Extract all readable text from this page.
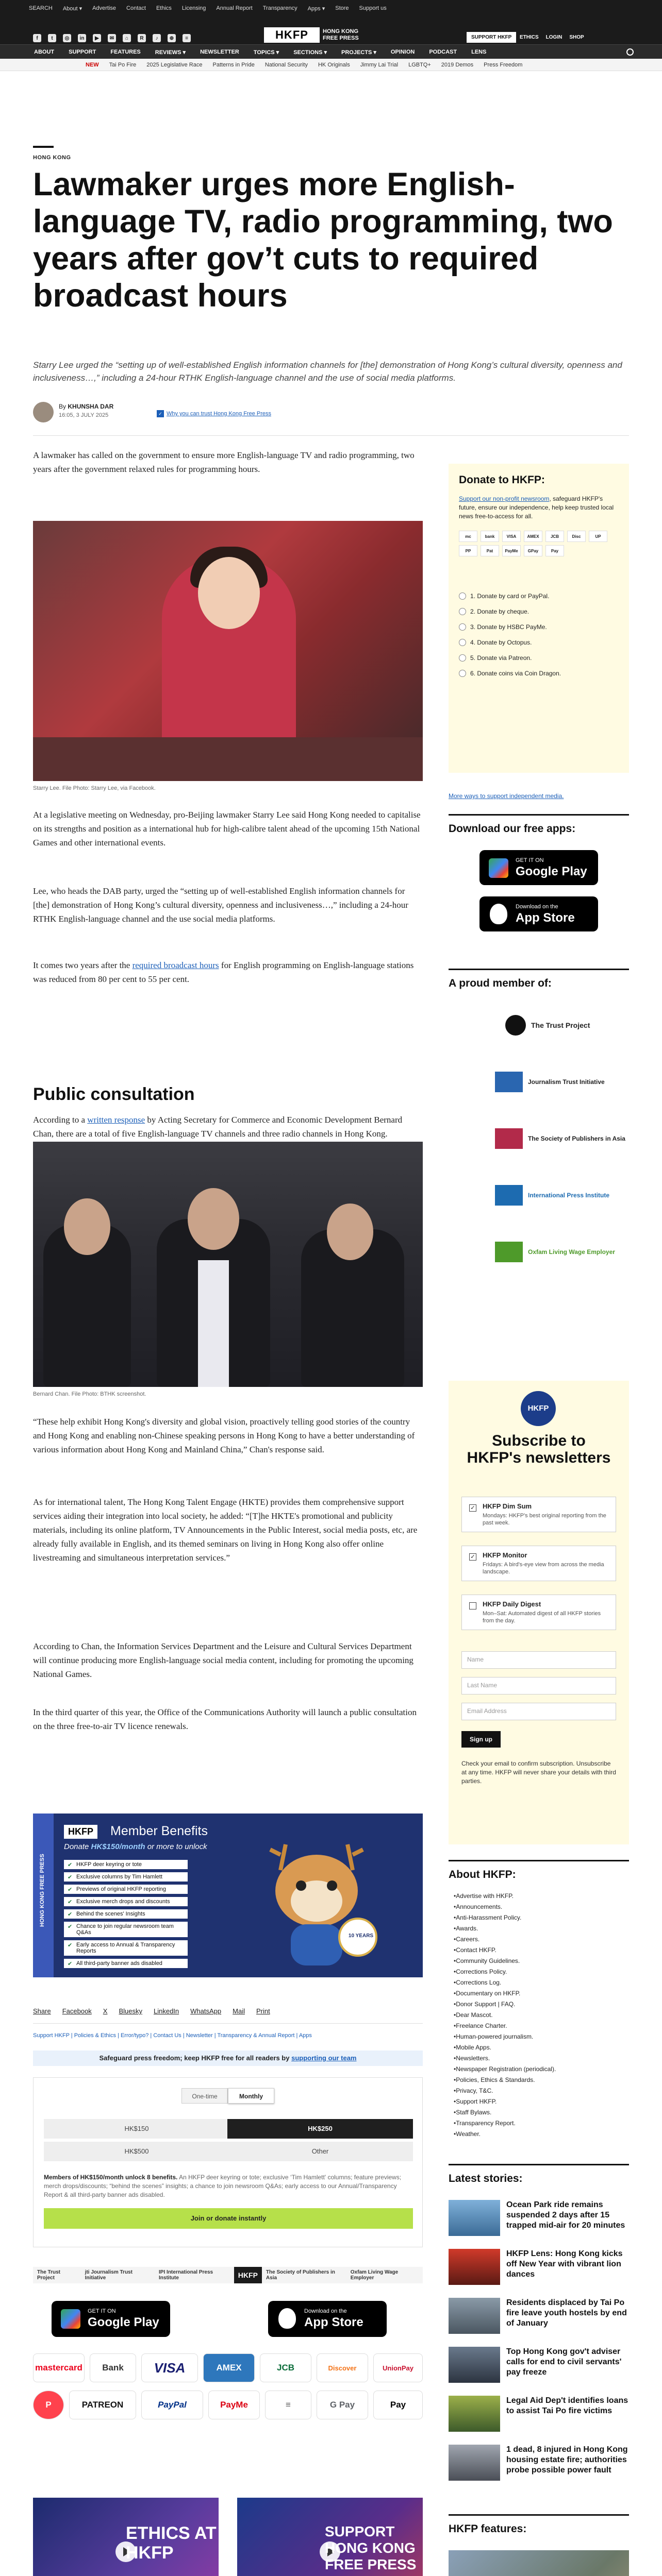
SEARCH About ▾ Advertise Contact Ethics Licensing Annual Report Transparency Apps ▾ Store Support us
f	t	◎	in	▶	✉	⌂	R	♪	⊕	≡	HKFP	HONG KONG FREE PRESS	SUPPORT HKFP	ETHICS LOGIN SHOP
ABOUT	SUPPORT	FEATURES	REVIEWS ▾	NEWSLETTER	TOPICS ▾	SECTIONS ▾	PROJECTS ▾	OPINION	PODCAST	LENS
NEW Tai Po Fire 2025 Legislative Race Patterns in Pride National Security HK Originals Jimmy Lai Trial LGBTQ+ 2019 Demos Press Freedom
HONG KONG
Lawmaker urges more English-language TV, radio programming, two years after gov’t cuts to required broadcast hours

Starry Lee urged the “setting up of well-established English information channels for [the] demonstration of Hong Kong’s cultural diversity, openness and inclusiveness…,” including a 24-hour RTHK English-language channel and the use of social media platforms.

By KHUNSHA DAR
16:05, 3 JULY 2025	✓ Why you can trust Hong Kong Free Press

A lawmaker has called on the government to ensure more English-language TV and radio programming, two years after the government relaxed rules for programming hours.

Starry Lee. File Photo: Starry Lee, via Facebook.

At a legislative meeting on Wednesday, pro-Beijing lawmaker Starry Lee said Hong Kong needed to capitalise on its strengths and position as a international hub for high-calibre talent ahead of the upcoming 15th National Games and other international events.

Lee, who heads the DAB party, urged the “setting up of well-established English information channels for [the] demonstration of Hong Kong’s cultural diversity, openness and inclusiveness…,” including a 24-hour RTHK English-language channel and the use social media platforms.

It comes two years after the required broadcast hours for English programming on English-language stations was reduced from 80 per cent to 55 per cent.

Public consultation

According to a written response by Acting Secretary for Commerce and Economic Development Bernard Chan, there are a total of five English-language TV channels and three radio channels in Hong Kong.

Bernard Chan. File Photo: BTHK screenshot.

“These help exhibit Hong Kong's diversity and global vision, proactively telling good stories of the country and Hong Kong and enabling non-Chinese speaking persons in Hong Kong to have a better understanding of various information about Hong Kong and Mainland China,” Chan's response said.

As for international talent, The Hong Kong Talent Engage (HKTE) provides them comprehensive support services aiding their integration into local society, he added: “[T]he HKTE's promotional and publicity materials, including its online platform, TV Announcements in the Public Interest, social media posts, etc, are already fully available in English, and its themed seminars on living in Hong Kong also offer online livestreaming and simultaneous interpretation services.”

According to Chan, the Information Services Department and the Leisure and Cultural Services Department will continue producing more English-language social media content, including for promoting the upcoming National Games.

In the third quarter of this year, the Office of the Communications Authority will launch a public consultation on the three free-to-air TV licence renewals.

HONG KONG FREE PRESS
HKFP	Member Benefits
Donate HK$150/month or more to unlock
✔ HKFP deer keyring or tote
✔ Exclusive columns by Tim Hamlett
✔ Previews of original HKFP reporting
✔ Exclusive merch drops and discounts
✔ Behind the scenes' Insights
✔ Chance to join regular newsroom team Q&As
✔ Early access to Annual & Transparency Reports
✔ All third-party banner ads disabled
10 YEARS
Share Facebook X Bluesky LinkedIn WhatsApp Mail Print
Support HKFP | Policies & Ethics | Error/typo? | Contact Us | Newsletter | Transparency & Annual Report | Apps
Safeguard press freedom; keep HKFP free for all readers by supporting our team
One-time	Monthly
HK$150	HK$250
HK$500	Other
Members of HK$150/month unlock 8 benefits. An HKFP deer keyring or tote; exclusive ‘Tim Hamlett' columns; feature previews; merch drops/discounts; “behind the scenes” insights; a chance to join newsroom Q&As; early access to our Annual/Transparency Report & all third-party banner ads disabled.
Join or donate instantly
The Trust Project
jti Journalism Trust Initiative
IPI International Press Institute	HKFP	The Society of Publishers in Asia
Oxfam Living Wage Employer
GET IT ON
Google Play
Download on the
App Store
mastercard	Bank	VISA	AMEX	JCB	Discover	UnionPay
P	PATREON	PayPal	PayMe	≡	G Pay	Pay
ETHICS AT HKFP
SUPPORT HONG KONG FREE PRESS
Donate to HKFP:
Support our non-profit newsroom, safeguard HKFP's future, ensure our independence, help keep trusted local news free-to-access for all.
mc	bank	VISA	AMEX	JCB	Disc	UPPP	Pat	PayMe GPay	Pay
1. Donate by card or PayPal.
2. Donate by cheque.
3. Donate by HSBC PayMe.
4. Donate by Octopus.
5. Donate via Patreon.
6. Donate coins via Coin Dragon.
More ways to support independent media.
Download our free apps:
GET IT ON
Google Play
Download on the
App Store
A proud member of:
The Trust Project
Journalism Trust Initiative
The Society of Publishers in Asia
International Press Institute
Oxfam Living Wage Employer
HKFP
Subscribe to HKFP's newsletters
✓ HKFP Dim Sum
Mondays: HKFP's best original reporting from the past week.
✓ HKFP Monitor
Fridays: A bird's-eye view from across the media landscape.
HKFP Daily Digest
Mon–Sat: Automated digest of all HKFP stories from the day.
Name
Last Name
Email Address
Sign up
Check your email to confirm subscription. Unsubscribe at any time. HKFP will never share your details with third parties.
About HKFP:
• Advertise with HKFP.
• Announcements.
• Anti-Harassment Policy.
• Awards.
• Careers.
• Contact HKFP.
• Community Guidelines.
• Corrections Policy.
• Corrections Log.
• Documentary on HKFP.
• Donor Support | FAQ.
• Dear Mascot.
• Freelance Charter.
• Human-powered journalism.
• Mobile Apps.
• Newsletters.
• Newspaper Registration (periodical).
• Policies, Ethics & Standards.
• Privacy, T&C.
• Support HKFP.
• Staff Bylaws.
• Transparency Report.
• Weather.
Latest stories:
Ocean Park ride remains suspended 2 days after 15 trapped mid-air for 20 minutes
HKFP Lens: Hong Kong kicks off New Year with vibrant lion dances
Residents displaced by Tai Po fire leave youth hostels by end of January
Top Hong Kong gov't adviser calls for end to civil servants' pay freeze
Legal Aid Dep't identifies loans to assist Tai Po fire victims
1 dead, 8 injured in Hong Kong housing estate fire; authorities probe possible power fault
HKFP features:
